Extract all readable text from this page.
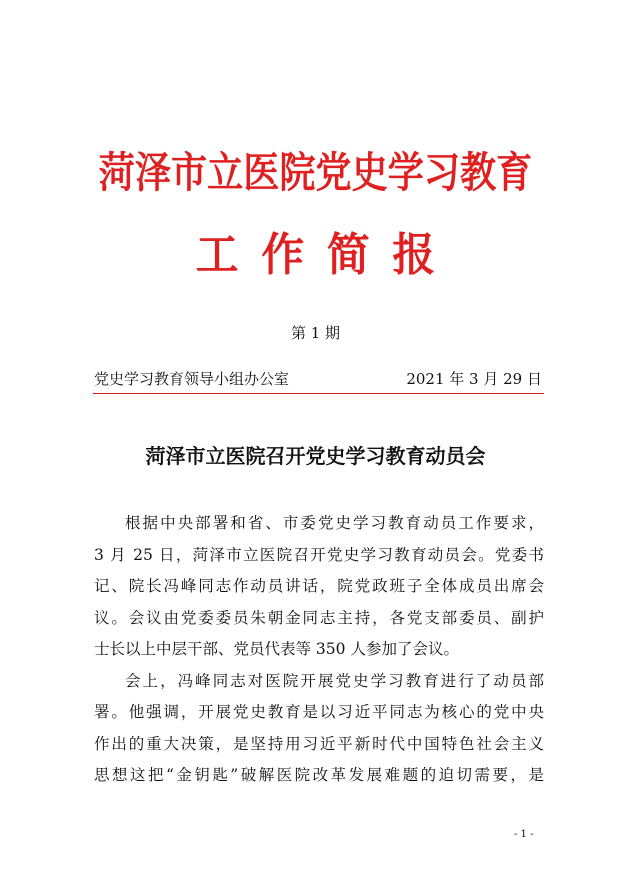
菏泽市立医院党史学习教育
工作简报
第 1 期
党史学习教育领导小组办公室	2021 年 3 月 29 日
菏泽市立医院召开党史学习教育动员会
根据中央部署和省、市委党史学习教育动员工作要求，
3 月 25 日，菏泽市立医院召开党史学习教育动员会。党委书
记、院长冯峰同志作动员讲话，院党政班子全体成员出席会
议。会议由党委委员朱朝金同志主持，各党支部委员、副护
士长以上中层干部、党员代表等 350 人参加了会议。
会上，冯峰同志对医院开展党史学习教育进行了动员部
署。他强调，开展党史教育是以习近平同志为核心的党中央
作出的重大决策，是坚持用习近平新时代中国特色社会主义
思想这把“金钥匙”破解医院改革发展难题的迫切需要，是
- 1 -
